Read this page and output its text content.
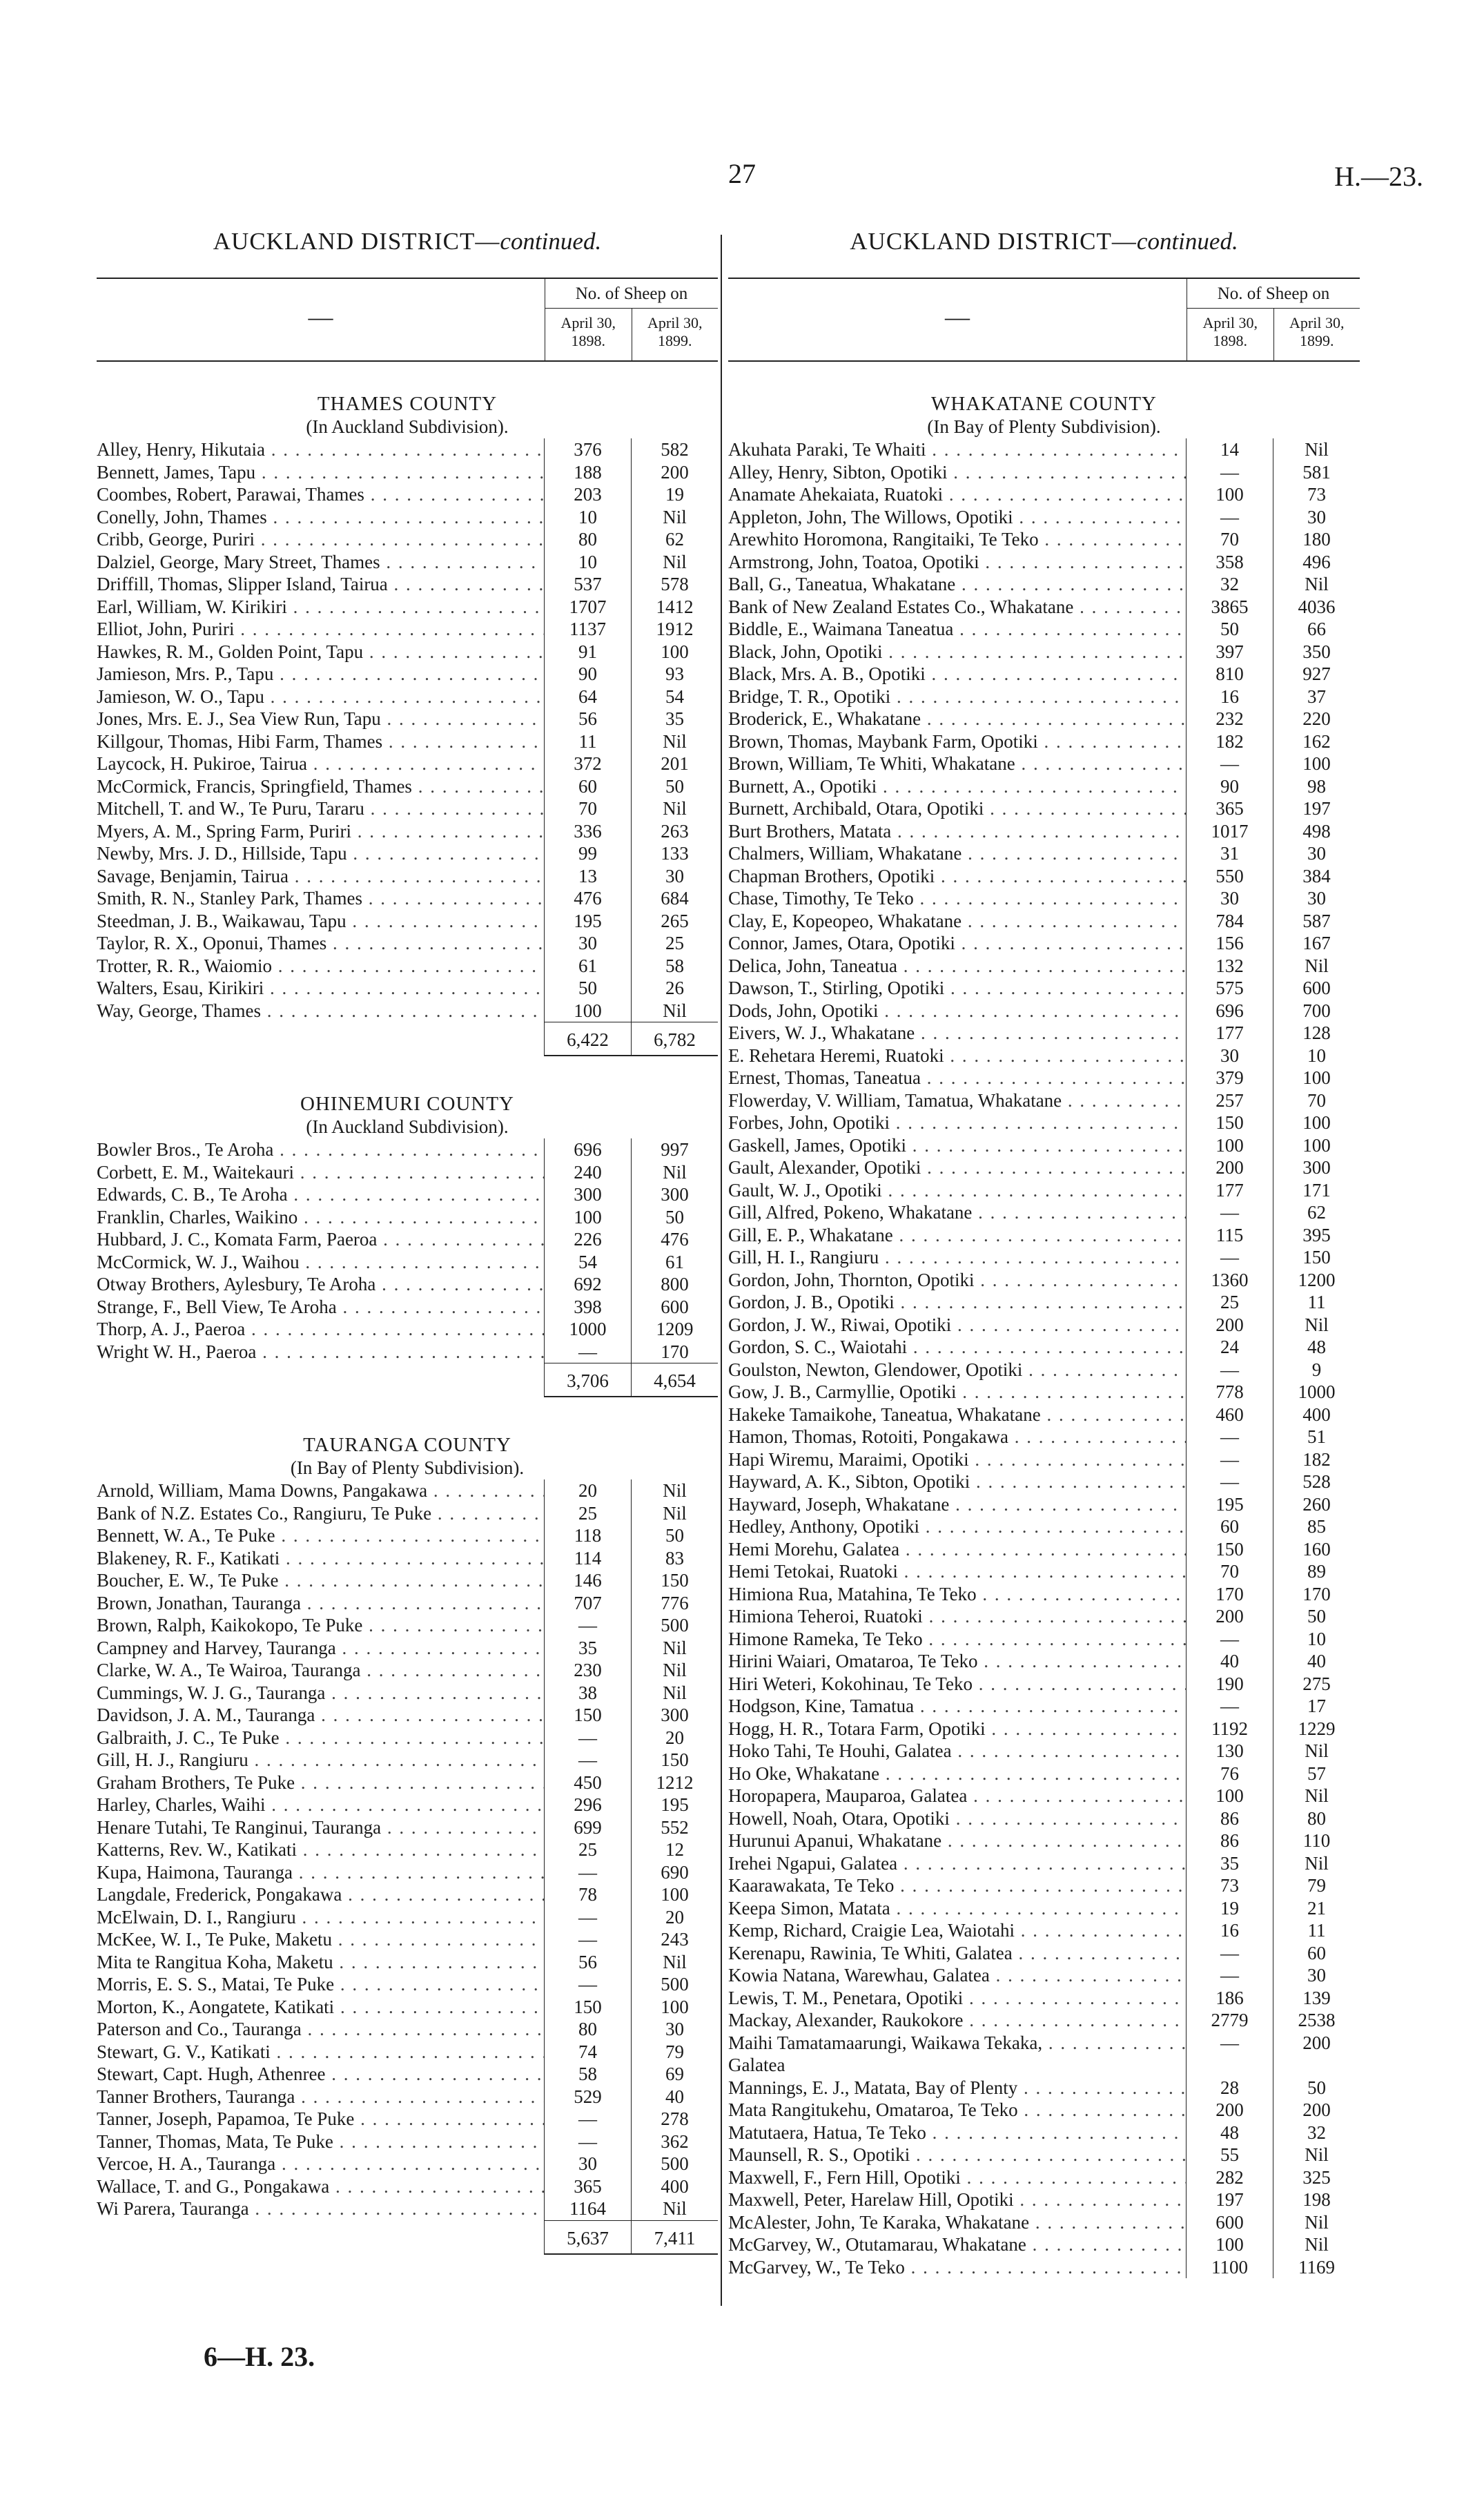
27	H.—23.
AUCKLAND DISTRICT—continued.
—
No. of Sheep on
April 30, 1898.
April 30, 1899.
THAMES COUNTY
(In Auckland Subdivision).
Alley, Henry, Hikutaia . . .	376	582
Bennett, James, Tapu . . .	188	200
Coombes, Robert, Parawai, Thames . . .	203	19
Conelly, John, Thames . . .	10	Nil
Cribb, George, Puriri . . .	80	62
Dalziel, George, Mary Street, Thames . . .	10	Nil
Driffill, Thomas, Slipper Island, Tairua . . .	537	578
Earl, William, W. Kirikiri . . .	1707	1412
Elliot, John, Puriri . . .	1137	1912
Hawkes, R. M., Golden Point, Tapu . . .	91	100
Jamieson, Mrs. P., Tapu . . .	90	93
Jamieson, W. O., Tapu . . .	64	54
Jones, Mrs. E. J., Sea View Run, Tapu . . .	56	35
Killgour, Thomas, Hibi Farm, Thames . . .	11	Nil
Laycock, H. Pukiroe, Tairua . . .	372	201
McCormick, Francis, Springfield, Thames . . .	60	50
Mitchell, T. and W., Te Puru, Tararu . . .	70	Nil
Myers, A. M., Spring Farm, Puriri . . .	336	263
Newby, Mrs. J. D., Hillside, Tapu . . .	99	133
Savage, Benjamin, Tairua . . .	13	30
Smith, R. N., Stanley Park, Thames . . .	476	684
Steedman, J. B., Waikawau, Tapu . . .	195	265
Taylor, R. X., Oponui, Thames . . .	30	25
Trotter, R. R., Waiomio . . .	61	58
Walters, Esau, Kirikiri . . .	50	26
Way, George, Thames . . .	100	Nil
6,422	6,782
OHINEMURI COUNTY
(In Auckland Subdivision).
Bowler Bros., Te Aroha . . .	696	997
Corbett, E. M., Waitekauri . . .	240	Nil
Edwards, C. B., Te Aroha . . .	300	300
Franklin, Charles, Waikino . . .	100	50
Hubbard, J. C., Komata Farm, Paeroa . . .	226	476
McCormick, W. J., Waihou . . .	54	61
Otway Brothers, Aylesbury, Te Aroha . . .	692	800
Strange, F., Bell View, Te Aroha . . .	398	600
Thorp, A. J., Paeroa . . .	1000	1209
Wright W. H., Paeroa . . .	—	170
3,706	4,654
TAURANGA COUNTY
(In Bay of Plenty Subdivision).
Arnold, William, Mama Downs, Pangakawa . . .	20	Nil
Bank of N.Z. Estates Co., Rangiuru, Te Puke . . .	25	Nil
Bennett, W. A., Te Puke . . .	118	50
Blakeney, R. F., Katikati . . .	114	83
Boucher, E. W., Te Puke . . .	146	150
Brown, Jonathan, Tauranga . . .	707	776
Brown, Ralph, Kaikokopo, Te Puke . . .	—	500
Campney and Harvey, Tauranga . . .	35	Nil
Clarke, W. A., Te Wairoa, Tauranga . . .	230	Nil
Cummings, W. J. G., Tauranga . . .	38	Nil
Davidson, J. A. M., Tauranga . . .	150	300
Galbraith, J. C., Te Puke . . .	—	20
Gill, H. J., Rangiuru . . .	—	150
Graham Brothers, Te Puke . . .	450	1212
Harley, Charles, Waihi . . .	296	195
Henare Tutahi, Te Ranginui, Tauranga . . .	699	552
Katterns, Rev. W., Katikati . . .	25	12
Kupa, Haimona, Tauranga . . .	—	690
Langdale, Frederick, Pongakawa . . .	78	100
McElwain, D. I., Rangiuru . . .	—	20
McKee, W. I., Te Puke, Maketu . . .	—	243
Mita te Rangitua Koha, Maketu . . .	56	Nil
Morris, E. S. S., Matai, Te Puke . . .	—	500
Morton, K., Aongatete, Katikati . . .	150	100
Paterson and Co., Tauranga . . .	80	30
Stewart, G. V., Katikati . . .	74	79
Stewart, Capt. Hugh, Athenree . . .	58	69
Tanner Brothers, Tauranga . . .	529	40
Tanner, Joseph, Papamoa, Te Puke . . .	—	278
Tanner, Thomas, Mata, Te Puke . . .	—	362
Vercoe, H. A., Tauranga . . .	30	500
Wallace, T. and G., Pongakawa . . .	365	400
Wi Parera, Tauranga . . .	1164	Nil
5,637	7,411
AUCKLAND DISTRICT—continued.
—
No. of Sheep on
April 30, 1898.
April 30, 1899.
WHAKATANE COUNTY
(In Bay of Plenty Subdivision).
Akuhata Paraki, Te Whaiti . . .	14	Nil
Alley, Henry, Sibton, Opotiki . . .	—	581
Anamate Ahekaiata, Ruatoki . . .	100	73
Appleton, John, The Willows, Opotiki . . .	—	30
Arewhito Horomona, Rangitaiki, Te Teko . . .	70	180
Armstrong, John, Toatoa, Opotiki . . .	358	496
Ball, G., Taneatua, Whakatane . . .	32	Nil
Bank of New Zealand Estates Co., Whakatane . . .	3865	4036
Biddle, E., Waimana Taneatua . . .	50	66
Black, John, Opotiki . . .	397	350
Black, Mrs. A. B., Opotiki . . .	810	927
Bridge, T. R., Opotiki . . .	16	37
Broderick, E., Whakatane . . .	232	220
Brown, Thomas, Maybank Farm, Opotiki . . .	182	162
Brown, William, Te Whiti, Whakatane . . .	—	100
Burnett, A., Opotiki . . .	90	98
Burnett, Archibald, Otara, Opotiki . . .	365	197
Burt Brothers, Matata . . .	1017	498
Chalmers, William, Whakatane . . .	31	30
Chapman Brothers, Opotiki . . .	550	384
Chase, Timothy, Te Teko . . .	30	30
Clay, E, Kopeopeo, Whakatane . . .	784	587
Connor, James, Otara, Opotiki . . .	156	167
Delica, John, Taneatua . . .	132	Nil
Dawson, T., Stirling, Opotiki . . .	575	600
Dods, John, Opotiki . . .	696	700
Eivers, W. J., Whakatane . . .	177	128
E. Rehetara Heremi, Ruatoki . . .	30	10
Ernest, Thomas, Taneatua . . .	379	100
Flowerday, V. William, Tamatua, Whakatane . . .	257	70
Forbes, John, Opotiki . . .	150	100
Gaskell, James, Opotiki . . .	100	100
Gault, Alexander, Opotiki . . .	200	300
Gault, W. J., Opotiki . . .	177	171
Gill, Alfred, Pokeno, Whakatane . . .	—	62
Gill, E. P., Whakatane . . .	115	395
Gill, H. I., Rangiuru . . .	—	150
Gordon, John, Thornton, Opotiki . . .	1360	1200
Gordon, J. B., Opotiki . . .	25	11
Gordon, J. W., Riwai, Opotiki . . .	200	Nil
Gordon, S. C., Waiotahi . . .	24	48
Goulston, Newton, Glendower, Opotiki . . .	—	9
Gow, J. B., Carmyllie, Opotiki . . .	778	1000
Hakeke Tamaikohe, Taneatua, Whakatane . . .	460	400
Hamon, Thomas, Rotoiti, Pongakawa . . .	—	51
Hapi Wiremu, Maraimi, Opotiki . . .	—	182
Hayward, A. K., Sibton, Opotiki . . .	—	528
Hayward, Joseph, Whakatane . . .	195	260
Hedley, Anthony, Opotiki . . .	60	85
Hemi Morehu, Galatea . . .	150	160
Hemi Tetokai, Ruatoki . . .	70	89
Himiona Rua, Matahina, Te Teko . . .	170	170
Himiona Teheroi, Ruatoki . . .	200	50
Himone Rameka, Te Teko . . .	—	10
Hirini Waiari, Omataroa, Te Teko . . .	40	40
Hiri Weteri, Kokohinau, Te Teko . . .	190	275
Hodgson, Kine, Tamatua . . .	—	17
Hogg, H. R., Totara Farm, Opotiki . . .	1192	1229
Hoko Tahi, Te Houhi, Galatea . . .	130	Nil
Ho Oke, Whakatane . . .	76	57
Horopapera, Mauparoa, Galatea . . .	100	Nil
Howell, Noah, Otara, Opotiki . . .	86	80
Hurunui Apanui, Whakatane . . .	86	110
Irehei Ngapui, Galatea . . .	35	Nil
Kaarawakata, Te Teko . . .	73	79
Keepa Simon, Matata . . .	19	21
Kemp, Richard, Craigie Lea, Waiotahi . . .	16	11
Kerenapu, Rawinia, Te Whiti, Galatea . . .	—	60
Kowia Natana, Warewhau, Galatea . . .	—	30
Lewis, T. M., Penetara, Opotiki . . .	186	139
Mackay, Alexander, Raukokore . . .	2779	2538
Maihi Tamatamaarungi, Waikawa Tekaka, . . .	—	200
Galatea
Mannings, E. J., Matata, Bay of Plenty . . .	28	50
Mata Rangitukehu, Omataroa, Te Teko . . .	200	200
Matutaera, Hatua, Te Teko . . .	48	32
Maunsell, R. S., Opotiki . . .	55	Nil
Maxwell, F., Fern Hill, Opotiki . . .	282	325
Maxwell, Peter, Harelaw Hill, Opotiki . . .	197	198
McAlester, John, Te Karaka, Whakatane . . .	600	Nil
McGarvey, W., Otutamarau, Whakatane . . .	100	Nil
McGarvey, W., Te Teko . . .	1100	1169
6—H. 23.
